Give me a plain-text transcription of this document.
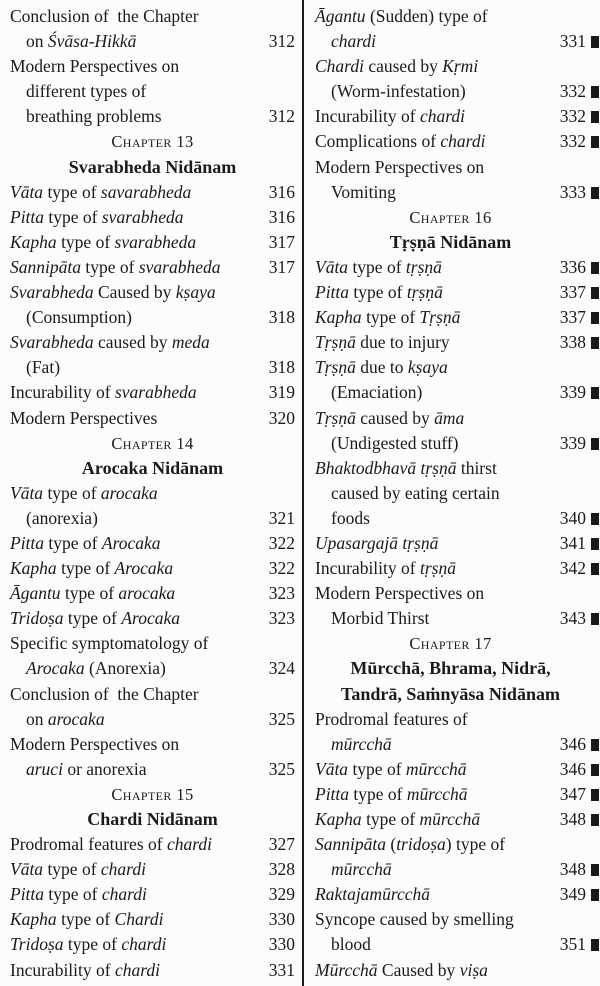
Conclusion of  the Chapter
on Śvāsa-Hikkā	312
Modern Perspectives on
different types of
breathing problems	312
Chapter 13
Svarabheda Nidānam
Vāta type of savarabheda	316
Pitta type of svarabheda	316
Kapha type of svarabheda	317
Sannipāta type of svarabheda	317
Svarabheda Caused by kṣaya
(Consumption)	318
Svarabheda caused by meda
(Fat)	318
Incurability of svarabheda	319
Modern Perspectives	320
Chapter 14
Arocaka Nidānam
Vāta type of arocaka
(anorexia)	321
Pitta type of Arocaka	322
Kapha type of Arocaka	322
Āgantu type of arocaka	323
Tridoṣa type of Arocaka	323
Specific symptomatology of
Arocaka (Anorexia)	324
Conclusion of  the Chapter
on arocaka	325
Modern Perspectives on
aruci or anorexia	325
Chapter 15
Chardi Nidānam
Prodromal features of chardi	327
Vāta type of chardi	328
Pitta type of chardi	329
Kapha type of Chardi	330
Tridoṣa type of chardi	330
Incurability of chardi	331
Āgantu (Sudden) type of
chardi	331
Chardi caused by Kṛmi
(Worm-infestation)	332
Incurability of chardi	332
Complications of chardi	332
Modern Perspectives on
Vomiting	333
Chapter 16
Tṛṣṇā Nidānam
Vāta type of tṛṣṇā	336
Pitta type of tṛṣṇā	337
Kapha type of Tṛṣṇā	337
Tṛṣṇā due to injury	338
Tṛṣṇā due to kṣaya
(Emaciation)	339
Tṛṣṇā caused by āma
(Undigested stuff)	339
Bhaktodbhavā tṛṣṇā thirst
caused by eating certain
foods	340
Upasargajā tṛṣṇā	341
Incurability of tṛṣṇā	342
Modern Perspectives on
Morbid Thirst	343
Chapter 17
Mūrcchā, Bhrama, Nidrā,
Tandrā, Saṁnyāsa Nidānam
Prodromal features of
mūrcchā	346
Vāta type of mūrcchā	346
Pitta type of mūrcchā	347
Kapha type of mūrcchā	348
Sannipāta (tridoṣa) type of
mūrcchā	348
Raktajamūrcchā	349
Syncope caused by smelling
blood	351
Mūrcchā Caused by viṣa
